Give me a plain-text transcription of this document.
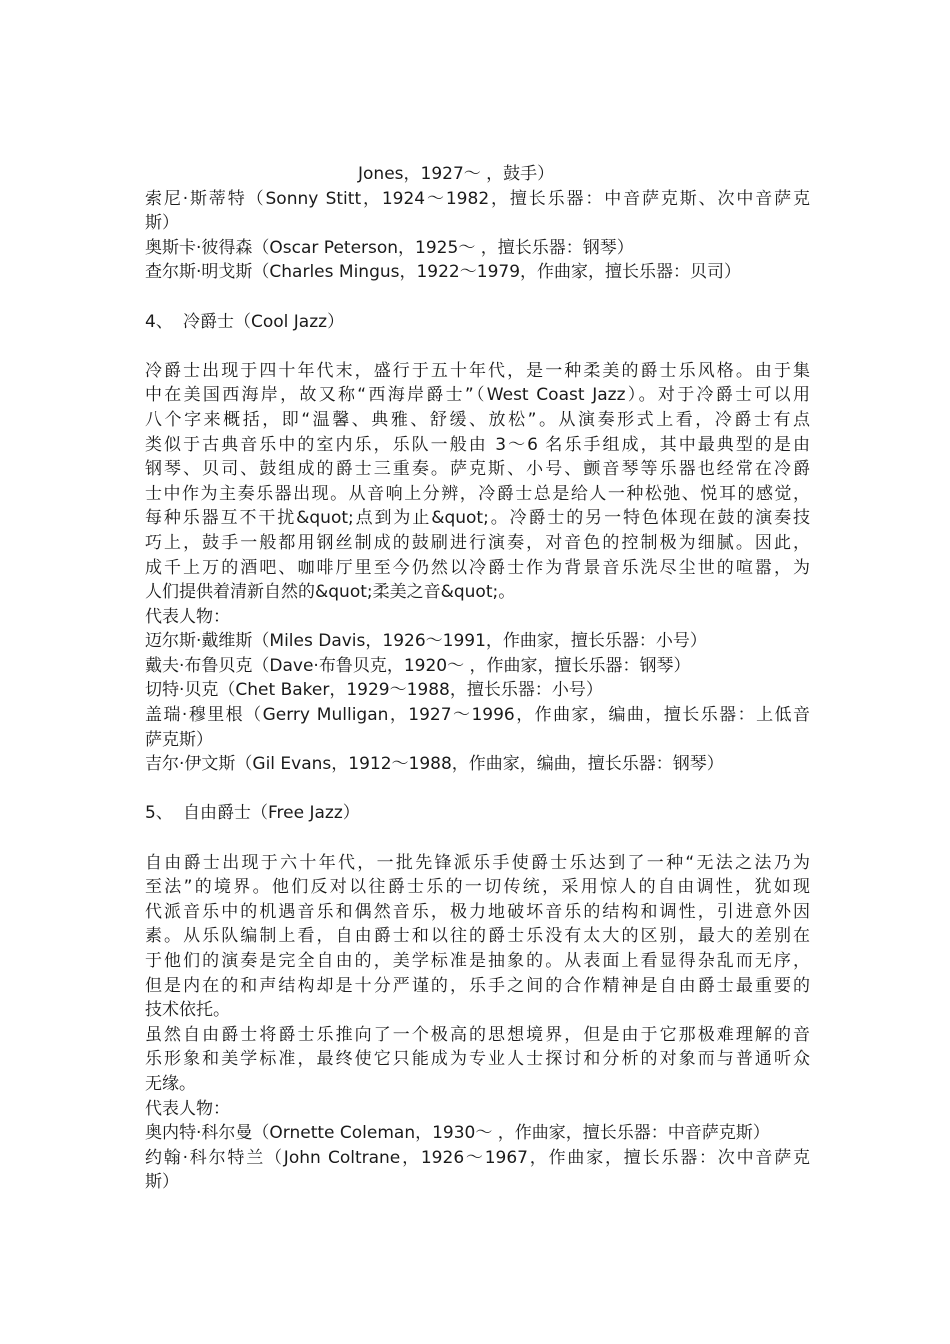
Jones，1927～ ，鼓手）
索尼·斯蒂特（Sonny Stitt，1924～1982，擅长乐器：中音萨克斯、次中音萨克
斯）
奥斯卡·彼得森（Oscar Peterson，1925～ ，擅长乐器：钢琴）
查尔斯·明戈斯（Charles Mingus，1922～1979，作曲家，擅长乐器：贝司）
4、 冷爵士（Cool Jazz）
冷爵士出现于四十年代末，盛行于五十年代，是一种柔美的爵士乐风格。由于集
中在美国西海岸，故又称“西海岸爵士”（West Coast Jazz）。对于冷爵士可以用
八个字来概括，即“温馨、典雅、舒缓、放松”。从演奏形式上看，冷爵士有点
类似于古典音乐中的室内乐，乐队一般由 3～6 名乐手组成，其中最典型的是由
钢琴、贝司、鼓组成的爵士三重奏。萨克斯、小号、颤音琴等乐器也经常在冷爵
士中作为主奏乐器出现。从音响上分辨，冷爵士总是给人一种松弛、悦耳的感觉，
每种乐器互不干扰&quot;点到为止&quot;。冷爵士的另一特色体现在鼓的演奏技
巧上，鼓手一般都用钢丝制成的鼓刷进行演奏，对音色的控制极为细腻。因此，
成千上万的酒吧、咖啡厅里至今仍然以冷爵士作为背景音乐洗尽尘世的喧嚣，为
人们提供着清新自然的&quot;柔美之音&quot;。
代表人物：
迈尔斯·戴维斯（Miles Davis，1926～1991，作曲家，擅长乐器：小号）
戴夫·布鲁贝克（Dave·布鲁贝克，1920～ ，作曲家，擅长乐器：钢琴）
切特·贝克（Chet Baker，1929～1988，擅长乐器：小号）
盖瑞·穆里根（Gerry Mulligan，1927～1996，作曲家，编曲，擅长乐器：上低音
萨克斯）
吉尔·伊文斯（Gil Evans，1912～1988，作曲家，编曲，擅长乐器：钢琴）
5、 自由爵士（Free Jazz）
自由爵士出现于六十年代，一批先锋派乐手使爵士乐达到了一种“无法之法乃为
至法”的境界。他们反对以往爵士乐的一切传统，采用惊人的自由调性，犹如现
代派音乐中的机遇音乐和偶然音乐，极力地破坏音乐的结构和调性，引进意外因
素。从乐队编制上看，自由爵士和以往的爵士乐没有太大的区别，最大的差别在
于他们的演奏是完全自由的，美学标准是抽象的。从表面上看显得杂乱而无序，
但是内在的和声结构却是十分严谨的，乐手之间的合作精神是自由爵士最重要的
技术依托。
虽然自由爵士将爵士乐推向了一个极高的思想境界，但是由于它那极难理解的音
乐形象和美学标准，最终使它只能成为专业人士探讨和分析的对象而与普通听众
无缘。
代表人物：
奥内特·科尔曼（Ornette Coleman，1930～ ，作曲家，擅长乐器：中音萨克斯）
约翰·科尔特兰（John Coltrane，1926～1967，作曲家，擅长乐器：次中音萨克
斯）
